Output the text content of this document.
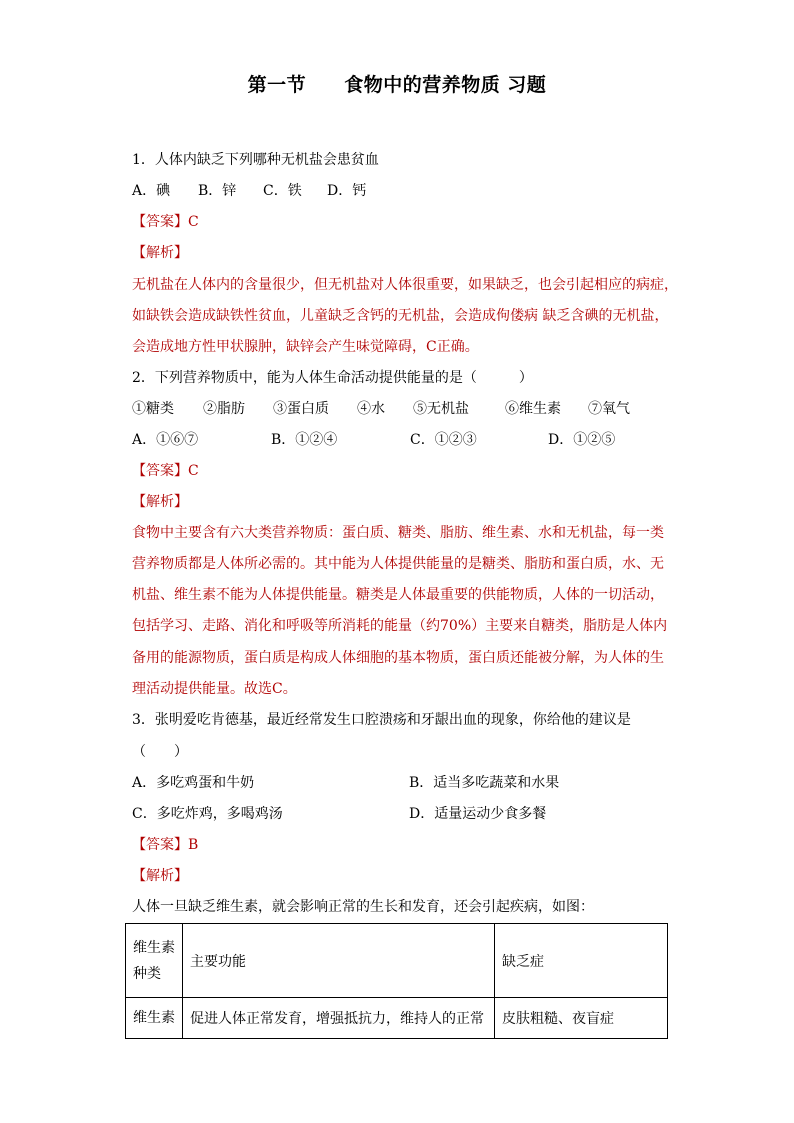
第一节 食物中的营养物质 习题
1．人体内缺乏下列哪种无机盐会患贫血
A．碘 B．锌 C．铁 D．钙
【答案】C
【解析】
无机盐在人体内的含量很少，但无机盐对人体很重要，如果缺乏，也会引起相应的病症，
如缺铁会造成缺铁性贫血，儿童缺乏含钙的无机盐，会造成佝偻病 缺乏含碘的无机盐，
会造成地方性甲状腺肿，缺锌会产生味觉障碍，C正确。
2．下列营养物质中，能为人体生命活动提供能量的是（　　　）
①糖类 ②脂肪 ③蛋白质 ④水 ⑤无机盐	⑥维生素 ⑦氧气
A．①⑥⑦	B．①②④	C．①②③	D．①②⑤
【答案】C
【解析】
食物中主要含有六大类营养物质：蛋白质、糖类、脂肪、维生素、水和无机盐，每一类
营养物质都是人体所必需的。其中能为人体提供能量的是糖类、脂肪和蛋白质，水、无
机盐、维生素不能为人体提供能量。糖类是人体最重要的供能物质，人体的一切活动，
包括学习、走路、消化和呼吸等所消耗的能量（约70%）主要来自糖类，脂肪是人体内
备用的能源物质，蛋白质是构成人体细胞的基本物质，蛋白质还能被分解，为人体的生
理活动提供能量。故选C。
3．张明爱吃肯德基，最近经常发生口腔溃疡和牙龈出血的现象，你给他的建议是
（　　）
A．多吃鸡蛋和牛奶	B．适当多吃蔬菜和水果
C．多吃炸鸡，多喝鸡汤	D．适量运动少食多餐
【答案】B
【解析】
人体一旦缺乏维生素，就会影响正常的生长和发育，还会引起疾病，如图：
维生素
种类	主要功能	缺乏症
维生素	促进人体正常发育，增强抵抗力，维持人的正常	皮肤粗糙、夜盲症
